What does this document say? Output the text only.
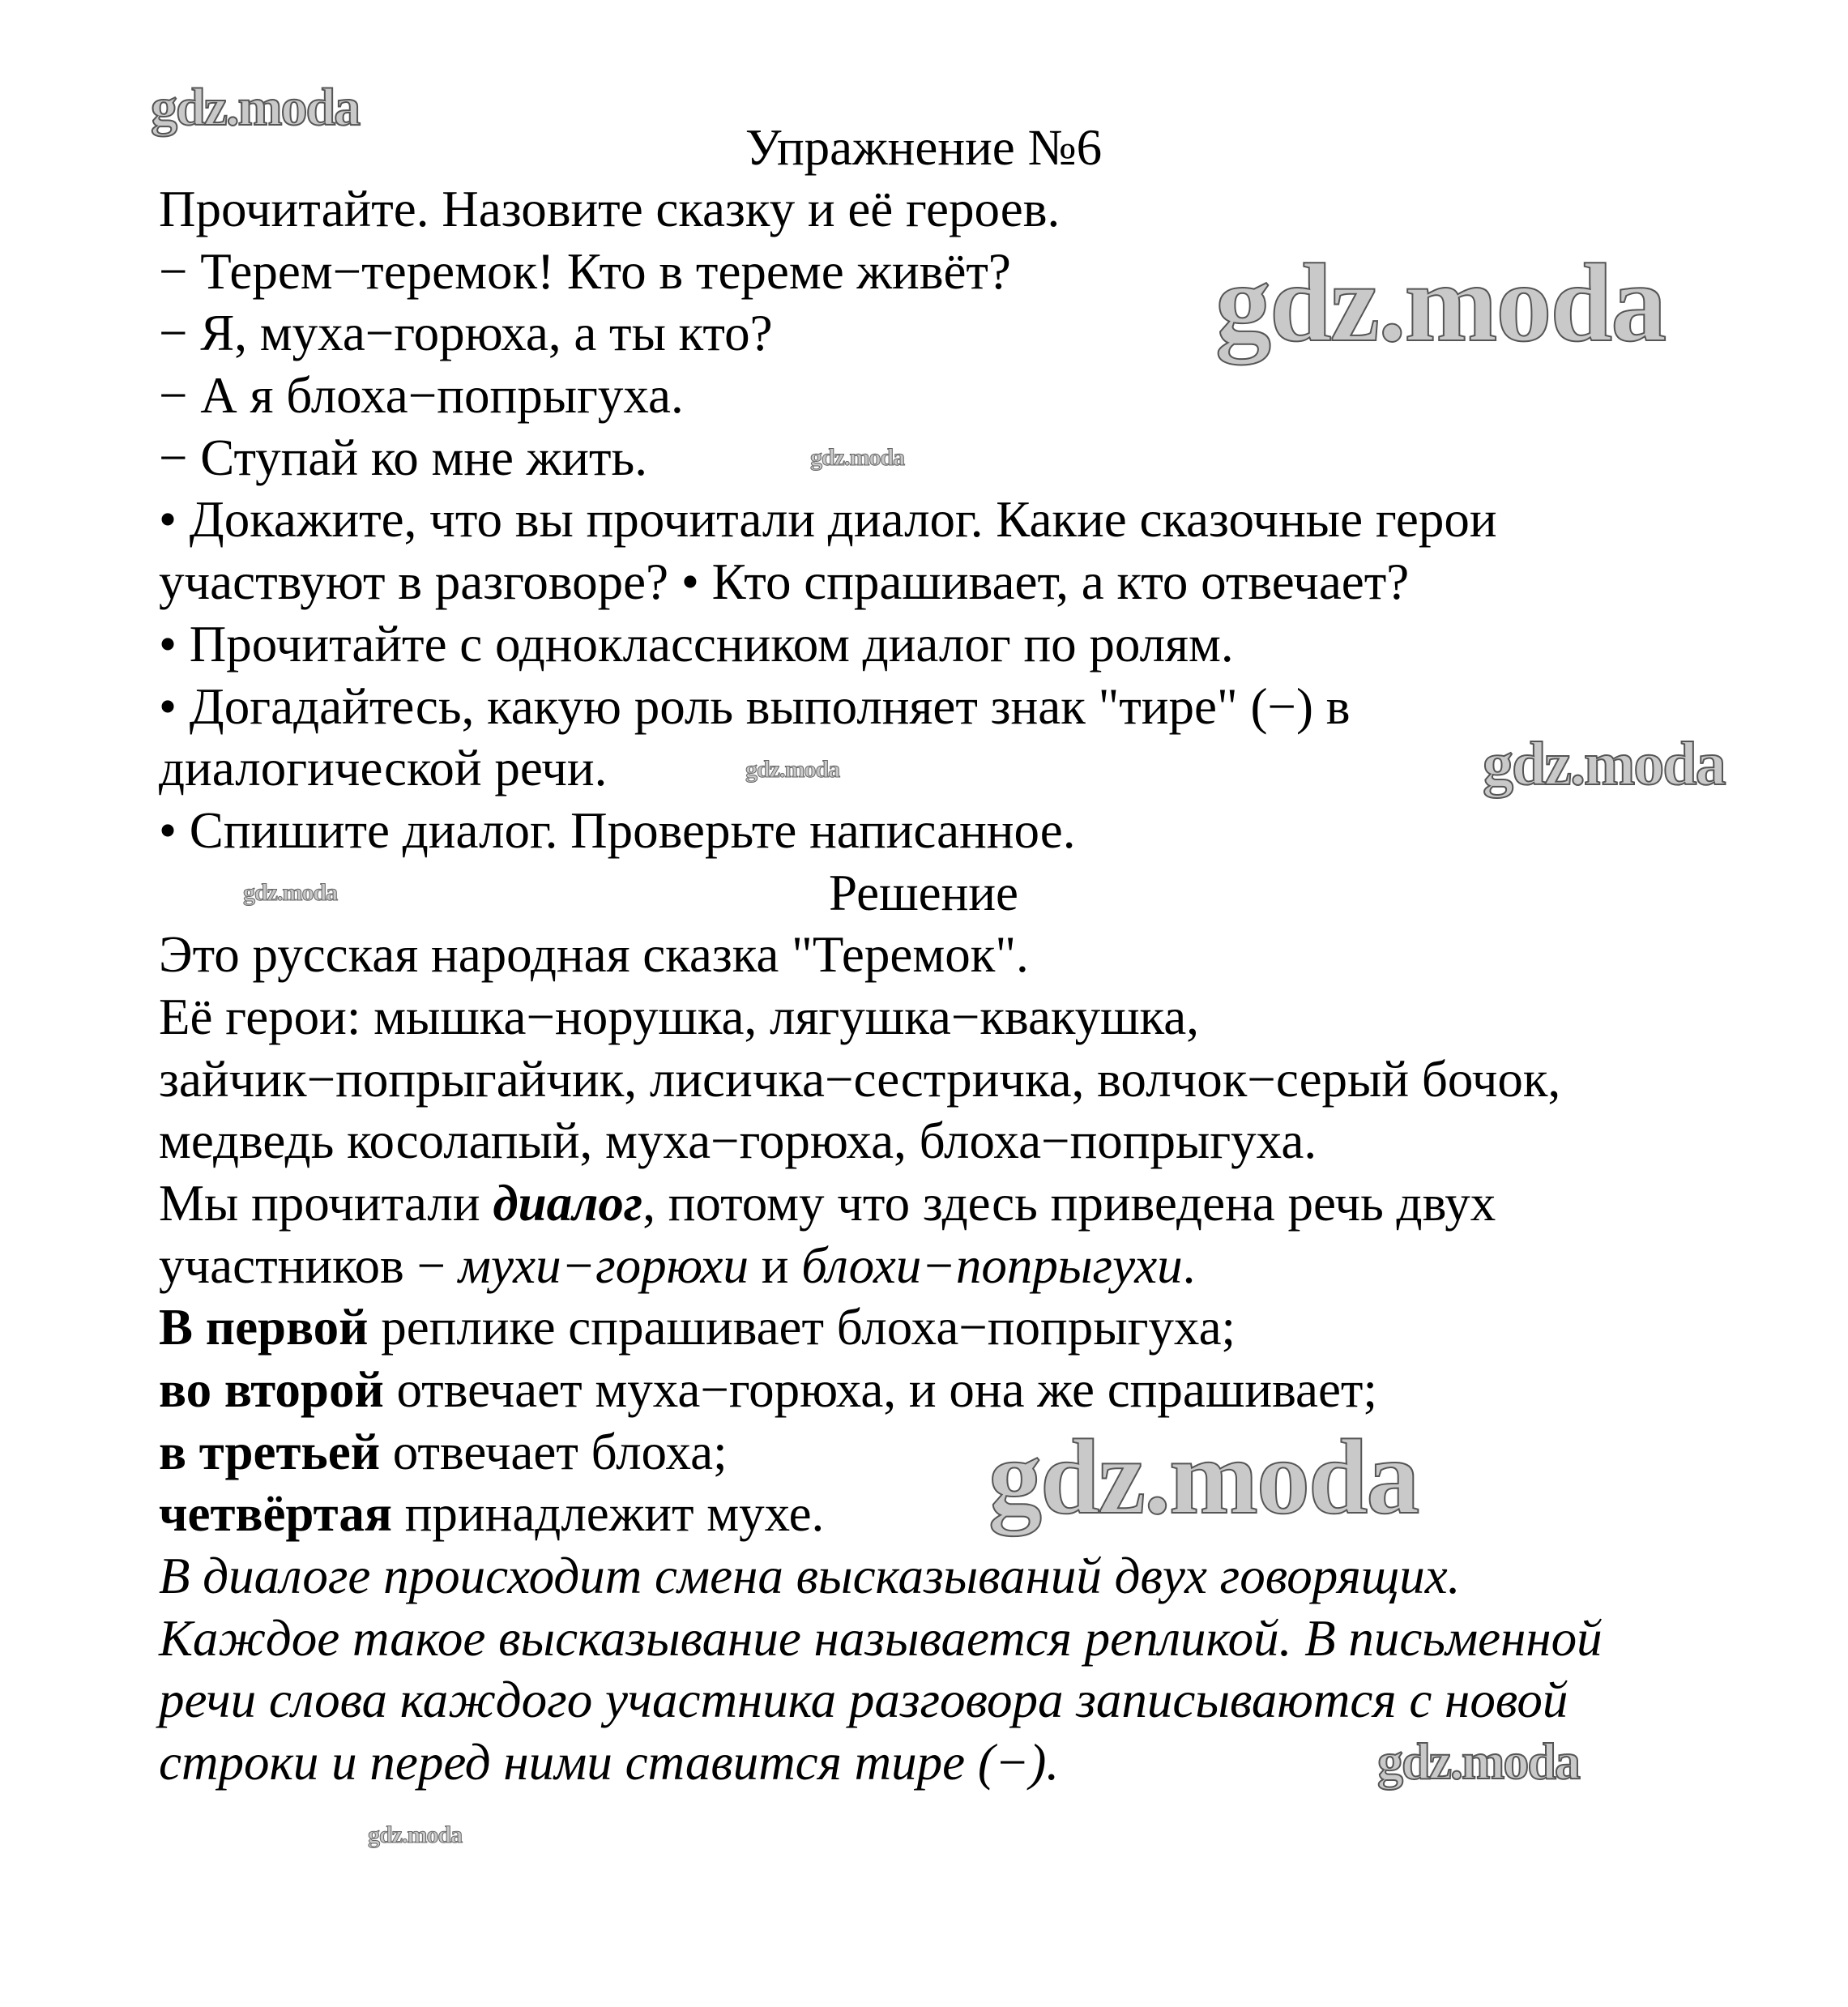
Упражнение №6
Прочитайте. Назовите сказку и её героев.
− Терем−теремок! Кто в тереме живёт?
− Я, муха−горюха, а ты кто?
− А я блоха−попрыгуха.
− Ступай ко мне жить.
• Докажите, что вы прочитали диалог. Какие сказочные герои
участвуют в разговоре? • Кто спрашивает, а кто отвечает?
• Прочитайте с одноклассником диалог по ролям.
• Догадайтесь, какую роль выполняет знак "тире" (−) в
диалогической речи.
• Спишите диалог. Проверьте написанное.
Решение
Это русская народная сказка "Теремок".
Её герои: мышка−норушка, лягушка−квакушка,
зайчик−попрыгайчик, лисичка−сестричка, волчок−серый бочок,
медведь косолапый, муха−горюха, блоха−попрыгуха.
Мы прочитали диалог, потому что здесь приведена речь двух
участников − мухи−горюхи и блохи−попрыгухи.
В первой реплике спрашивает блоха−попрыгуха;
во второй отвечает муха−горюха, и она же спрашивает;
в третьей отвечает блоха;
четвёртая принадлежит мухе.
В диалоге происходит смена высказываний двух говорящих.
Каждое такое высказывание называется репликой. В письменной
речи слова каждого участника разговора записываются с новой
строки и перед ними ставится тире (−).
gdz.moda
gdz.moda
gdz.moda
gdz.moda
gdz.moda
gdz.moda
gdz.moda
gdz.moda
gdz.moda
